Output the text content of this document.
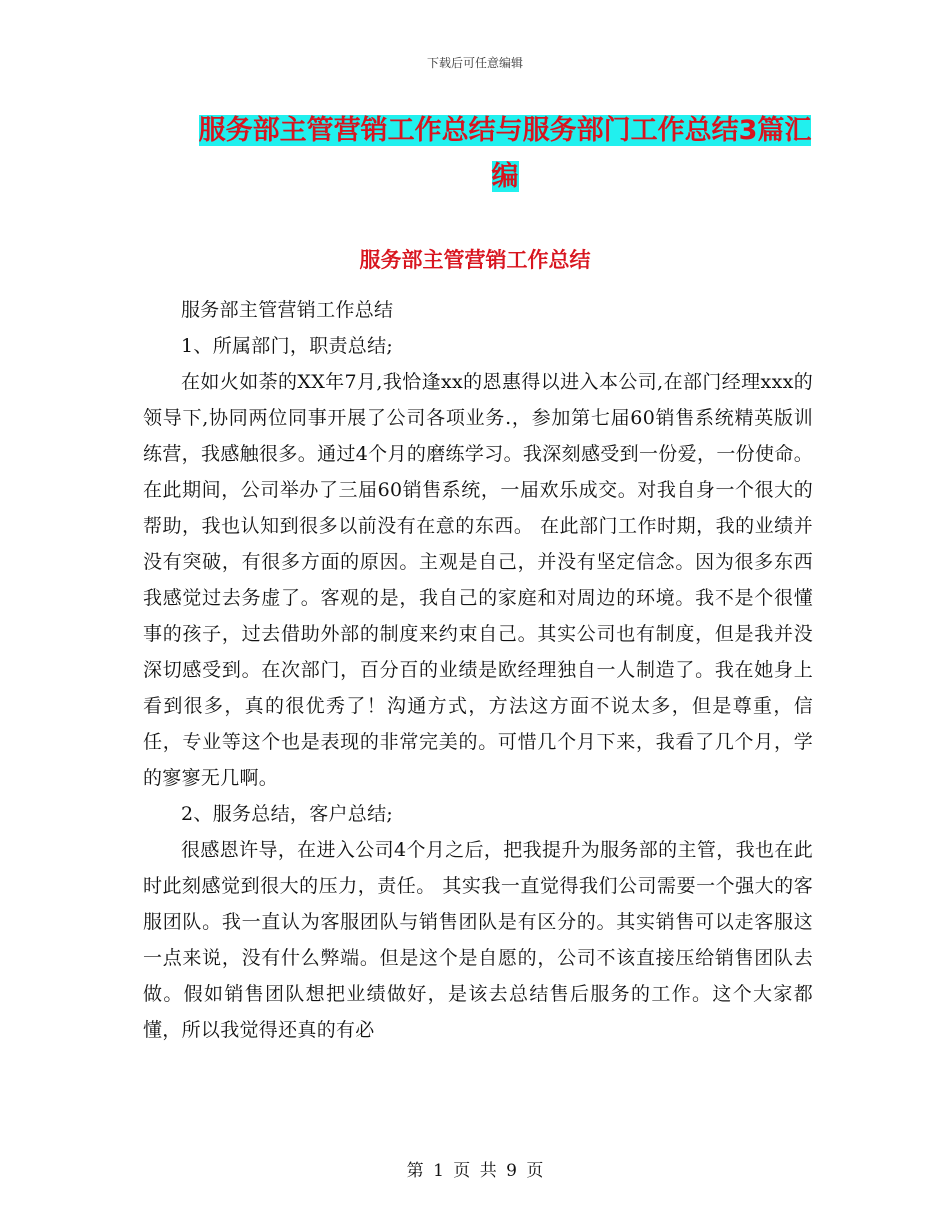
下载后可任意编辑
服务部主管营销工作总结与服务部门工作总结3篇汇编
服务部主管营销工作总结

服务部主管营销工作总结

1、所属部门，职责总结;

在如火如荼的XX年7月,我恰逢xx的恩惠得以进入本公司,在部门经理xxx的领导下,协同两位同事开展了公司各项业务.，参加第七届60销售系统精英版训练营，我感触很多。通过4个月的磨练学习。我深刻感受到一份爱，一份使命。 在此期间，公司举办了三届60销售系统，一届欢乐成交。对我自身一个很大的帮助，我也认知到很多以前没有在意的东西。 在此部门工作时期，我的业绩并没有突破，有很多方面的原因。主观是自己，并没有坚定信念。因为很多东西我感觉过去务虚了。客观的是，我自己的家庭和对周边的环境。我不是个很懂事的孩子，过去借助外部的制度来约束自己。其实公司也有制度，但是我并没深切感受到。在次部门，百分百的业绩是欧经理独自一人制造了。我在她身上看到很多，真的很优秀了！沟通方式，方法这方面不说太多，但是尊重，信任，专业等这个也是表现的非常完美的。可惜几个月下来，我看了几个月，学的寥寥无几啊。

2、服务总结，客户总结;

很感恩许导，在进入公司4个月之后，把我提升为服务部的主管，我也在此时此刻感觉到很大的压力，责任。 其实我一直觉得我们公司需要一个强大的客服团队。我一直认为客服团队与销售团队是有区分的。其实销售可以走客服这一点来说，没有什么弊端。但是这个是自愿的，公司不该直接压给销售团队去做。假如销售团队想把业绩做好，是该去总结售后服务的工作。这个大家都懂，所以我觉得还真的有必

第 1 页 共 9 页
